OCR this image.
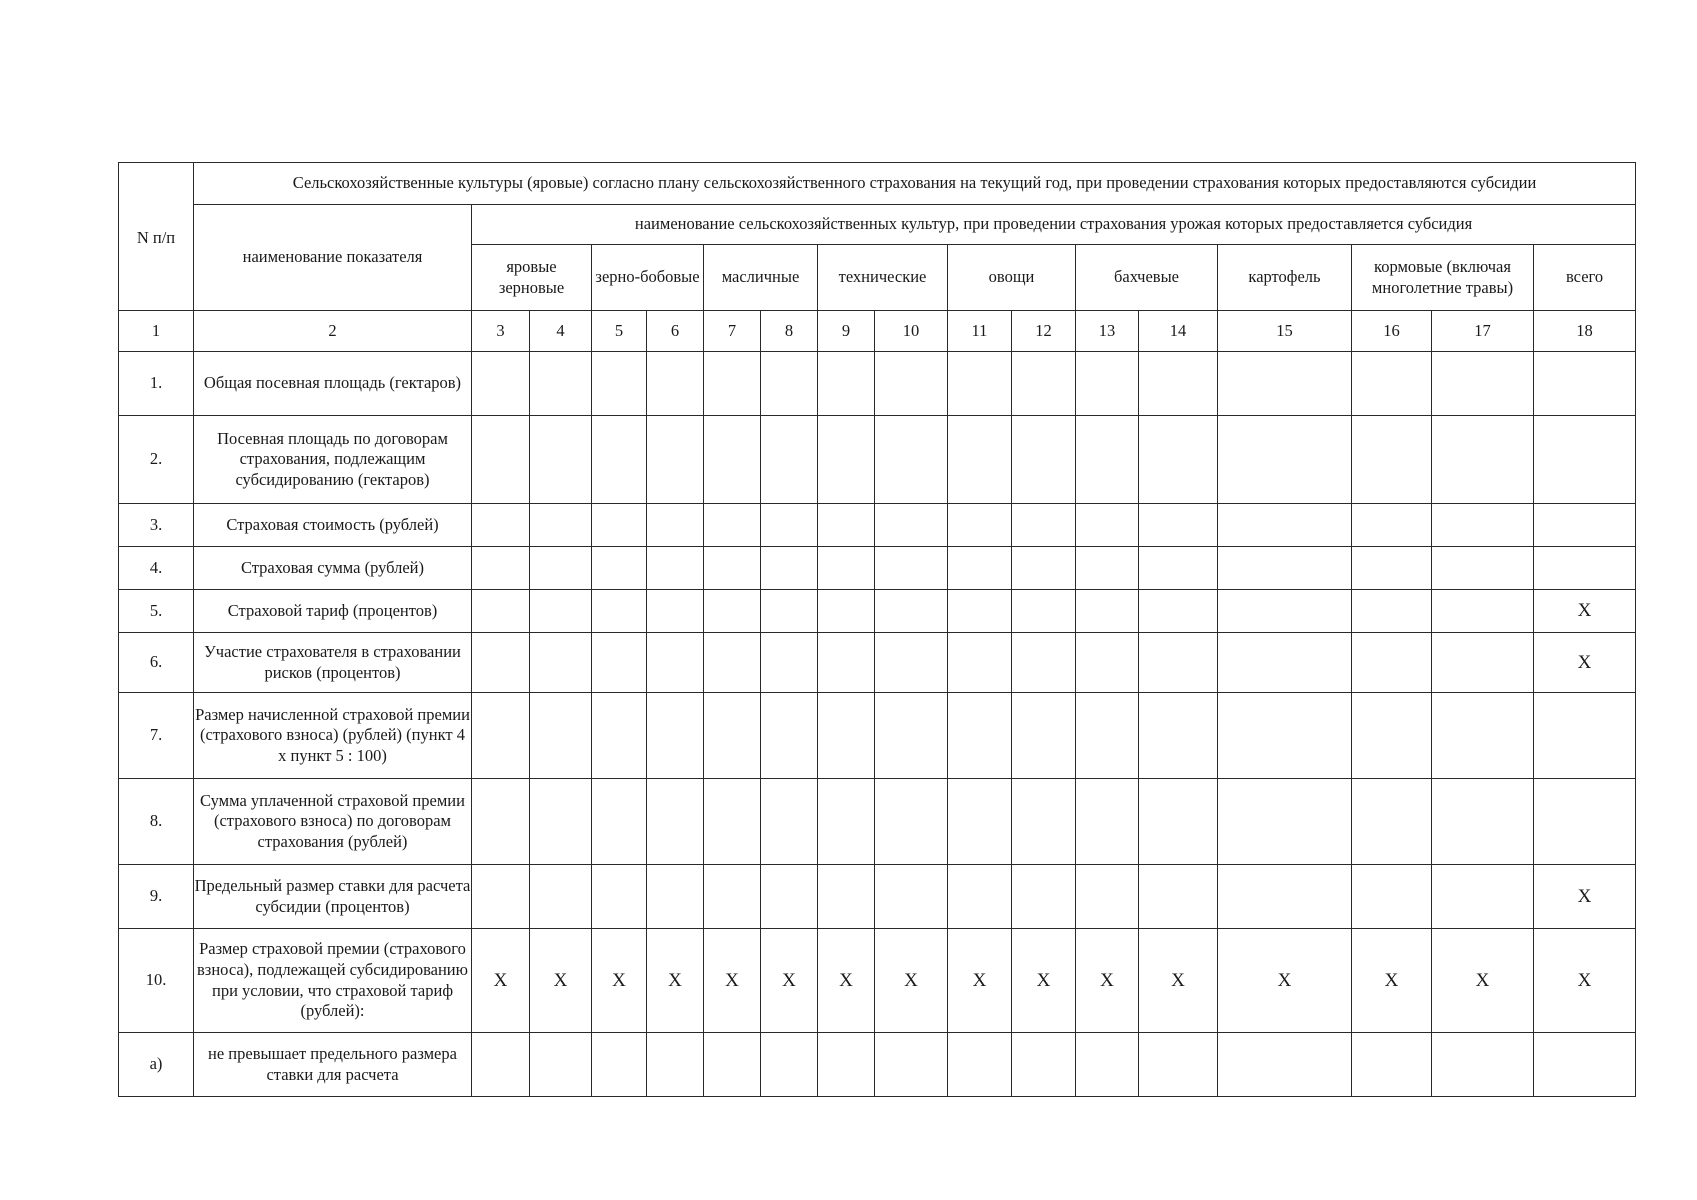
N п/п	Сельскохозяйственные культуры (яровые) согласно плану сельскохозяйственного страхования на текущий год, при проведении страхования которых предоставляются субсидии																
	наименование показателя	наименование сельскохозяйственных культур, при проведении страхования урожая которых предоставляется субсидия															
		яровые зерновые		зерно-бобовые		масличные		технические		овощи		бахчевые		картофель	кормовые (включая многолетние травы)		всего
1	2	3	4	5	6	7	8	9	10	11	12	13	14	15	16	17	18
1.	Общая посевная площадь (гектаров)																
2.	Посевная площадь по договорам страхования, подлежащим субсидированию (гектаров)																
3.	Страховая стоимость (рублей)																
4.	Страховая сумма (рублей)																
5.	Страховой тариф (процентов)																X
6.	Участие страхователя в страховании рисков (процентов)																X
7.	Размер начисленной страховой премии (страхового взноса) (рублей) (пункт 4 х пункт 5 : 100)																
8.	Сумма уплаченной страховой премии (страхового взноса) по договорам страхования (рублей)																
9.	Предельный размер ставки для расчета субсидии (процентов)																X
10.	Размер страховой премии (страхового взноса), подлежащей субсидированию при условии, что страховой тариф (рублей):	X	X	X	X	X	X	X	X	X	X	X	X	X	X	X	X
а)	не превышает предельного размера ставки для расчета																
